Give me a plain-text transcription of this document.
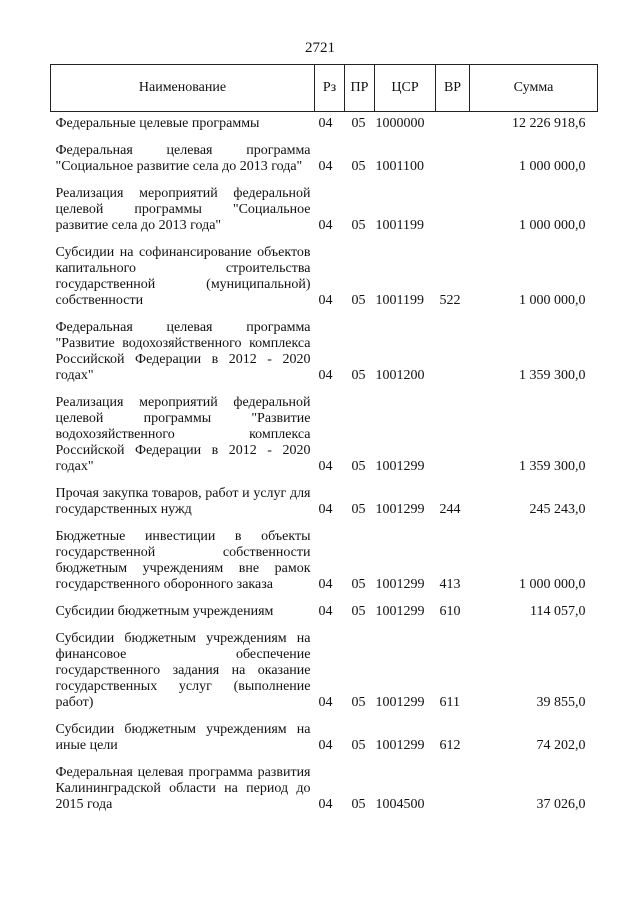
2721
Наименование	Рз	ПР	ЦСР	ВР	Сумма

Федеральные целевые программы	04	05	1000000		12 226 918,6
Федеральная целевая программа "Социальное развитие села до 2013 года"	04	05	1001100		1 000 000,0
Реализация мероприятий федеральной целевой программы "Социальное развитие села до 2013 года"	04	05	1001199		1 000 000,0
Субсидии на софинансирование объектов капитального строительства государственной (муниципальной) собственности	04	05	1001199	522	1 000 000,0
Федеральная целевая программа "Развитие водохозяйственного комплекса Российской Федерации в 2012 - 2020 годах"	04	05	1001200		1 359 300,0
Реализация мероприятий федеральной целевой программы "Развитие водохозяйственного комплекса Российской Федерации в 2012 - 2020 годах"	04	05	1001299		1 359 300,0
Прочая закупка товаров, работ и услуг для государственных нужд	04	05	1001299	244	245 243,0
Бюджетные инвестиции в объекты государственной собственности бюджетным учреждениям вне рамок государственного оборонного заказа	04	05	1001299	413	1 000 000,0
Субсидии бюджетным учреждениям	04	05	1001299	610	114 057,0
Субсидии бюджетным учреждениям на финансовое обеспечение государственного задания на оказание государственных услуг (выполнение работ)	04	05	1001299	611	39 855,0
Субсидии бюджетным учреждениям на иные цели	04	05	1001299	612	74 202,0
Федеральная целевая программа развития Калининградской области на период до 2015 года	04	05	1004500		37 026,0
